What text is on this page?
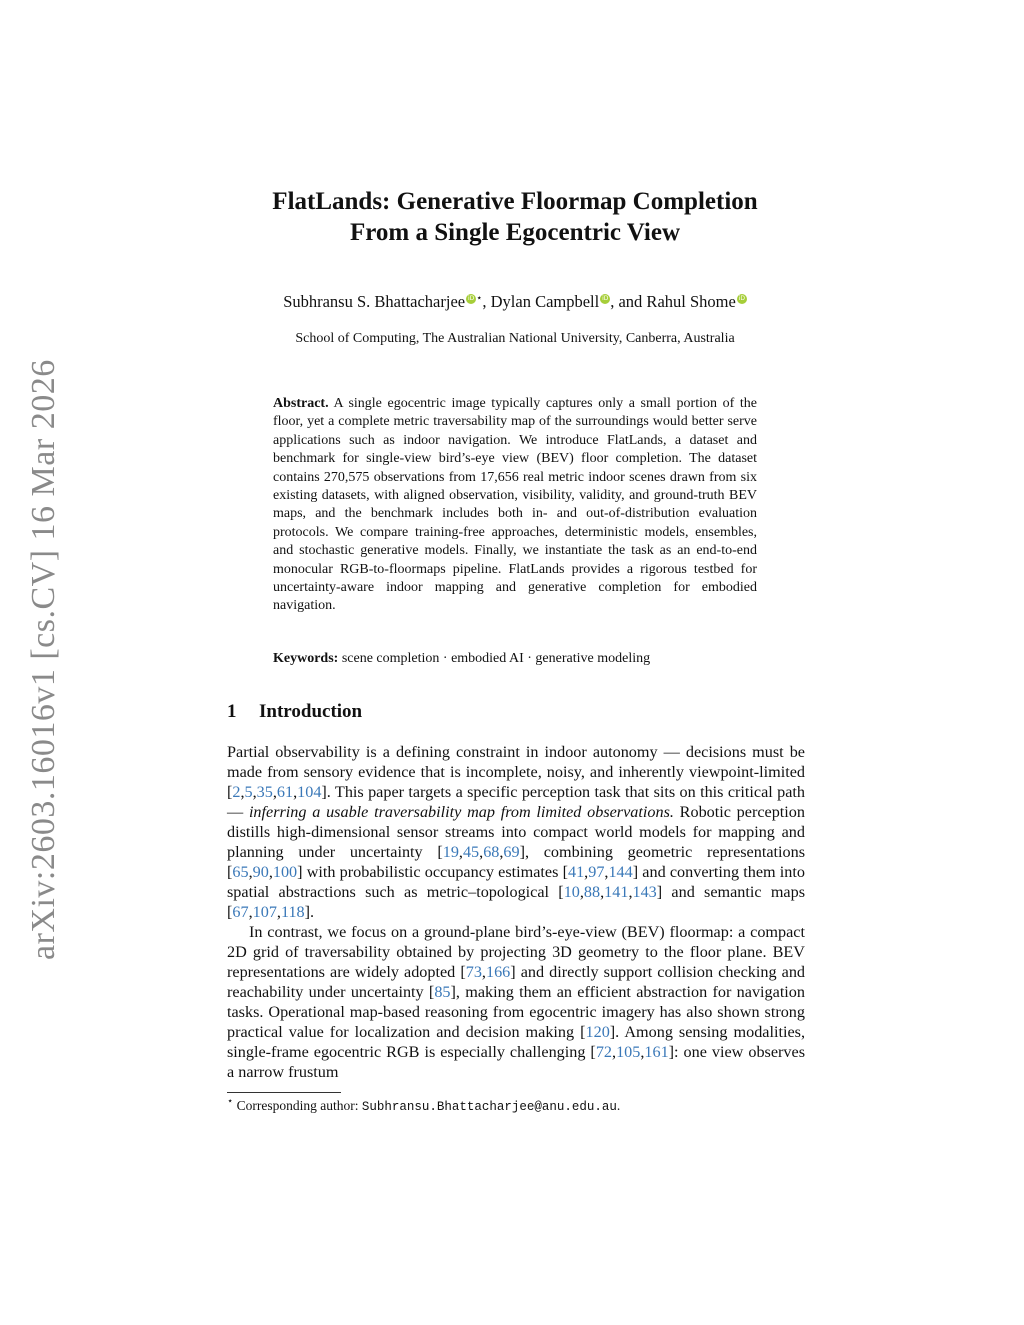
arXiv:2603.16016v1 [cs.CV] 16 Mar 2026
FlatLands: Generative Floormap Completion
From a Single Egocentric View
Subhransu S. Bhattacharjee iD ⋆, Dylan Campbell iD , and Rahul Shome iD
School of Computing, The Australian National University, Canberra, Australia
Abstract. A single egocentric image typically captures only a small portion of the floor, yet a complete metric traversability map of the surroundings would better serve applications such as indoor navigation. We introduce FlatLands, a dataset and benchmark for single-view bird’s-eye view (BEV) floor completion. The dataset contains 270,575 observations from 17,656 real metric indoor scenes drawn from six existing datasets, with aligned observation, visibility, validity, and ground-truth BEV maps, and the benchmark includes both in- and out-of-distribution evaluation protocols. We compare training-free approaches, deterministic models, ensembles, and stochastic generative models. Finally, we instantiate the task as an end-to-end monocular RGB-to-floormaps pipeline. FlatLands provides a rigorous testbed for uncertainty-aware indoor mapping and generative completion for embodied navigation.
Keywords: scene completion · embodied AI · generative modeling
1 Introduction

Partial observability is a defining constraint in indoor autonomy — decisions must be made from sensory evidence that is incomplete, noisy, and inherently viewpoint-limited [2,5,35,61,104]. This paper targets a specific perception task that sits on this critical path — inferring a usable traversability map from limited observations. Robotic perception distills high-dimensional sensor streams into compact world models for mapping and planning under uncertainty [19,45,68,69], combining geometric representations [65,90,100] with probabilistic occupancy estimates [41,97,144] and converting them into spatial abstractions such as metric–topological [10,88,141,143] and semantic maps [67,107,118].

In contrast, we focus on a ground-plane bird’s-eye-view (BEV) floormap: a compact 2D grid of traversability obtained by projecting 3D geometry to the floor plane. BEV representations are widely adopted [73,166] and directly support collision checking and reachability under uncertainty [85], making them an efficient abstraction for navigation tasks. Operational map-based reasoning from egocentric imagery has also shown strong practical value for localization and decision making [120]. Among sensing modalities, single-frame egocentric RGB is especially challenging [72,105,161]: one view observes a narrow frustum

⋆ Corresponding author: Subhransu.Bhattacharjee@anu.edu.au.
